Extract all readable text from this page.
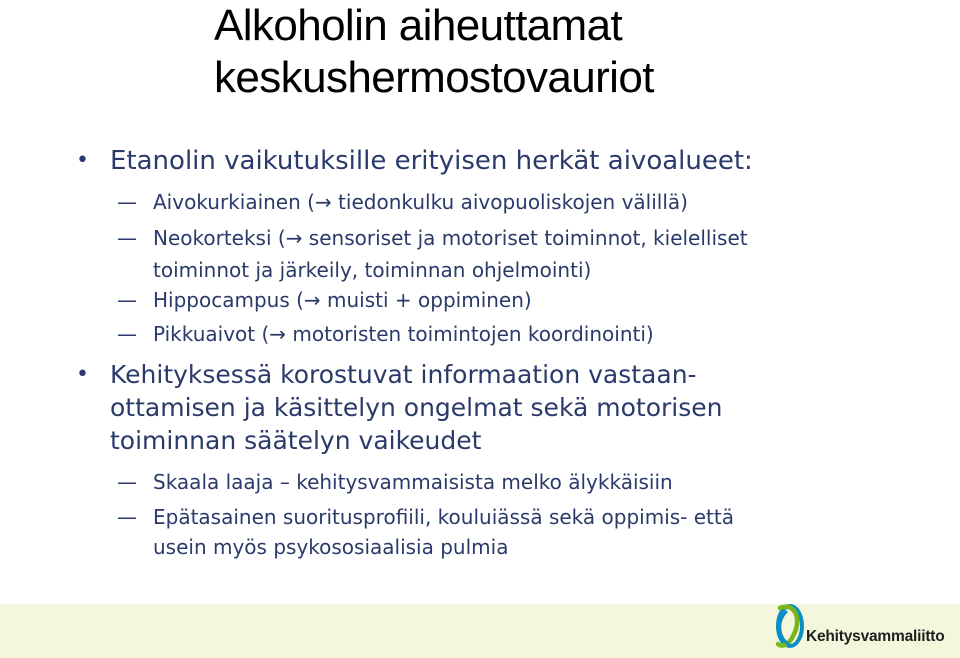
Alkoholin aiheuttamat
keskushermostovauriot
• Etanolin vaikutuksille erityisen herkät aivoalueet:
— Aivokurkiainen (→ tiedonkulku aivopuoliskojen välillä)
— Neokorteksi (→ sensoriset ja motoriset toiminnot, kielelliset
toiminnot ja järkeily, toiminnan ohjelmointi)
— Hippocampus (→ muisti + oppiminen)
— Pikkuaivot (→ motoristen toimintojen koordinointi)
• Kehityksessä korostuvat informaation vastaan-
ottamisen ja käsittelyn ongelmat sekä motorisen
toiminnan säätelyn vaikeudet
— Skaala laaja – kehitysvammaisista melko älykkäisiin
— Epätasainen suoritusprofiili, kouluiässä sekä oppimis- että
usein myös psykososiaalisia pulmia
Kehitysvammaliitto
